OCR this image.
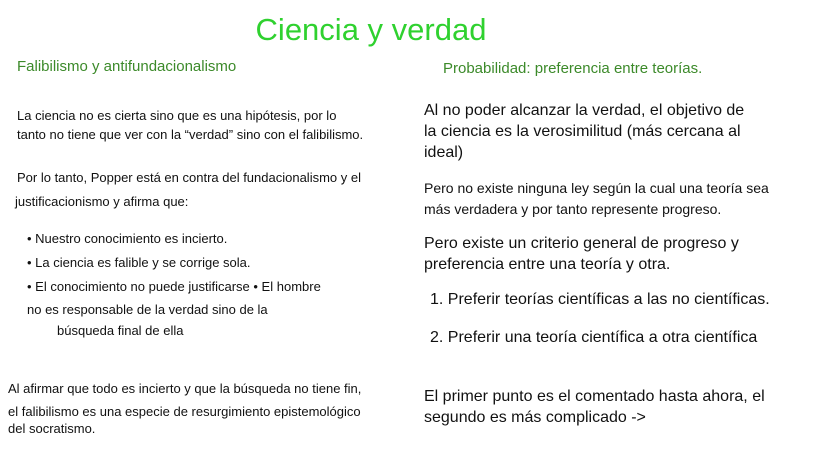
Ciencia y verdad
Falibilismo y antifundacionalismo
La ciencia no es cierta sino que es una hipótesis, por lo
tanto no tiene que ver con la “verdad” sino con el falibilismo.
Por lo tanto, Popper está en contra del fundacionalismo y el
justificacionismo y afirma que:
• Nuestro conocimiento es incierto.
• La ciencia es falible y se corrige sola.
• El conocimiento no puede justificarse • El hombre
no es responsable de la verdad sino de la
búsqueda final de ella
Al afirmar que todo es incierto y que la búsqueda no tiene fin,
el falibilismo es una especie de resurgimiento epistemológico
del socratismo.
Probabilidad: preferencia entre teorías.
Al no poder alcanzar la verdad, el objetivo de
la ciencia es la verosimilitud (más cercana al
ideal)
Pero no existe ninguna ley según la cual una teoría sea
más verdadera y por tanto represente progreso.
Pero existe un criterio general de progreso y
preferencia entre una teoría y otra.
1. Preferir teorías científicas a las no científicas.
2. Preferir una teoría científica a otra científica
El primer punto es el comentado hasta ahora, el
segundo es más complicado ->
